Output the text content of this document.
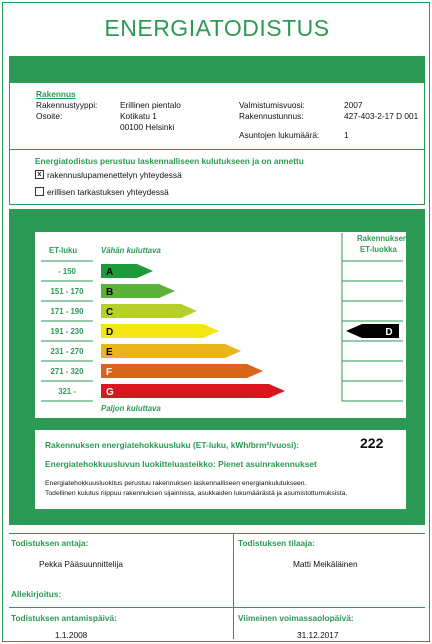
ENERGIATODISTUS
Rakennus
Rakennustyyppi:	Erillinen pientalo
Osoite:	Kotikatu 1
00100 Helsinki
Valmistumisvuosi:	2007
Rakennustunnus:	427-403-2-17 D 001
Asuntojen lukumäärä:	1
Energiatodistus perustuu laskennalliseen kulutukseen ja on annettu
x rakennuslupamenettelyn yhteydessä
erillisen tarkastuksen yhteydessä
Rakennuksen
ET-luokka
ET-luku	Vähän kuluttava
Paljon kuluttava
- 150	A
151 - 170 B
171 - 190 C
191 - 230 D
231 - 270 E
271 - 320 F
321 -	G
D
Rakennuksen energiatehokkuusluku (ET-luku, kWh/brm²/vuosi):	222
Energiatehokkuusluvun luokitteluasteikko: Pienet asuinrakennukset
Energiatehokkuusluokitus perustuu rakennuksen laskennalliseen energiankulutukseen.
Todellinen kulutus riippuu rakennuksen sijainnista, asukkaiden lukumäärästä ja asumistottumuksista.
Todistuksen antaja:
Pekka Pääsuunnittelija
Todistuksen tilaaja:
Matti Meikäläinen
Allekirjoitus:
Todistuksen antamispäivä:
1.1.2008
Viimeinen voimassaolopäivä:
31.12.2017
